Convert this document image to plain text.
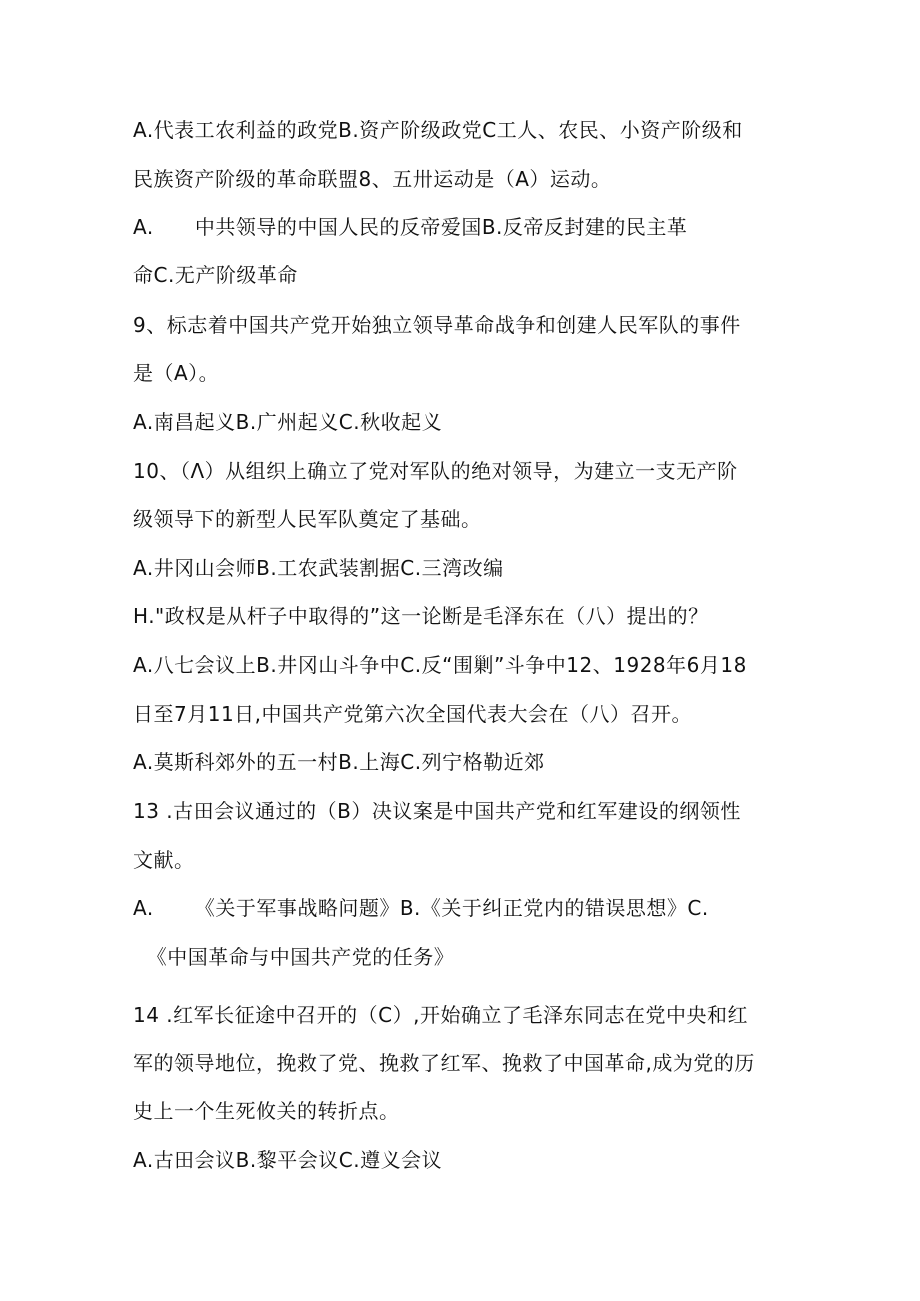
A.代表工农利益的政党B.资产阶级政党C工人、农民、小资产阶级和
民族资产阶级的革命联盟8、五卅运动是（A）运动。
A.      中共领导的中国人民的反帝爱国B.反帝反封建的民主革
命C.无产阶级革命
9、标志着中国共产党开始独立领导革命战争和创建人民军队的事件
是（A）。
A.南昌起义B.广州起义C.秋收起义
10、（Λ）从组织上确立了党对军队的绝对领导，为建立一支无产阶
级领导下的新型人民军队奠定了基础。
A.井冈山会师B.工农武装割据C.三湾改编
H."政权是从杆子中取得的”这一论断是毛泽东在（八）提出的？
A.八七会议上B.井冈山斗争中C.反“围剿”斗争中12、1928年6月18
日至7月11日,中国共产党第六次全国代表大会在（八）召开。
A.莫斯科郊外的五一村B.上海C.列宁格勒近郊
13 .古田会议通过的（B）决议案是中国共产党和红军建设的纲领性
文献。
A.      《关于军事战略问题》B.《关于纠正党内的错误思想》C.
《中国革命与中国共产党的任务》
14 .红军长征途中召开的（C）,开始确立了毛泽东同志在党中央和红
军的领导地位，挽救了党、挽救了红军、挽救了中国革命,成为党的历
史上一个生死攸关的转折点。
A.古田会议B.黎平会议C.遵义会议
